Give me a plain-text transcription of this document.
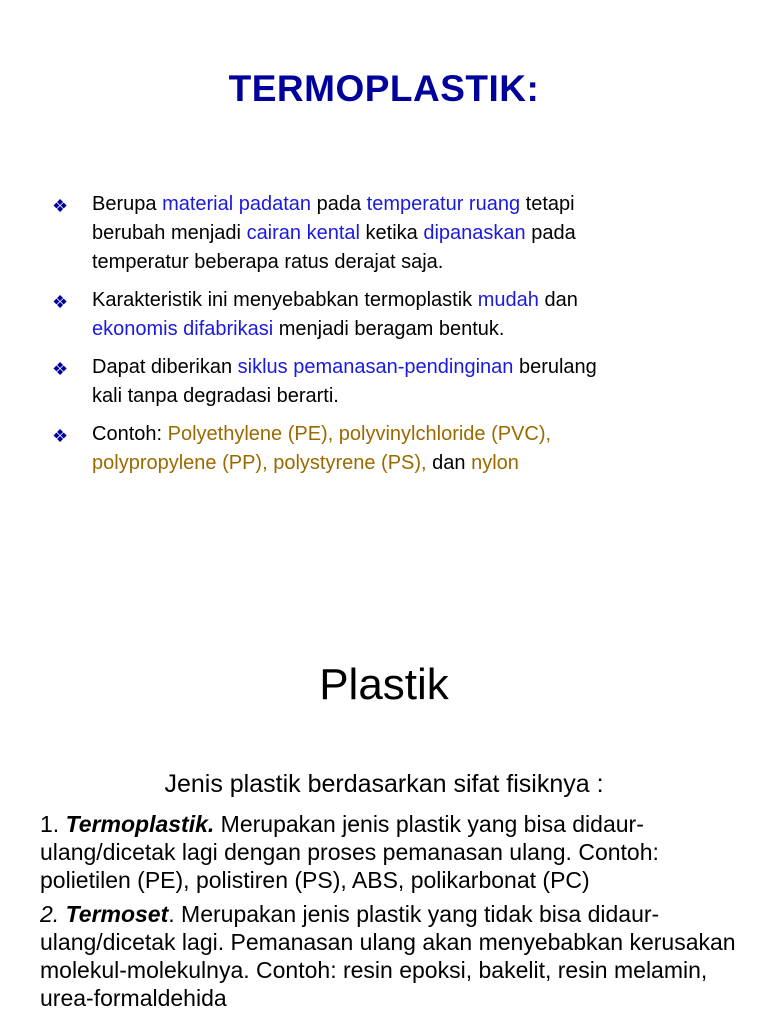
TERMOPLASTIK:
❖ Berupa material padatan pada temperatur ruang tetapi
berubah menjadi cairan kental ketika dipanaskan pada
temperatur beberapa ratus derajat saja.
❖ Karakteristik ini menyebabkan termoplastik mudah dan
ekonomis difabrikasi menjadi beragam bentuk.
❖ Dapat diberikan siklus pemanasan-pendinginan berulang
kali tanpa degradasi berarti.
❖ Contoh: Polyethylene (PE), polyvinylchloride (PVC),
polypropylene (PP), polystyrene (PS), dan nylon
Plastik
Jenis plastik berdasarkan sifat fisiknya :
1. Termoplastik. Merupakan jenis plastik yang bisa didaur-ulang/dicetak lagi dengan proses pemanasan ulang. Contoh: polietilen (PE), polistiren (PS), ABS, polikarbonat (PC)
2. Termoset. Merupakan jenis plastik yang tidak bisa didaur-ulang/dicetak lagi. Pemanasan ulang akan menyebabkan kerusakan molekul-molekulnya. Contoh: resin epoksi, bakelit, resin melamin, urea-formaldehida
